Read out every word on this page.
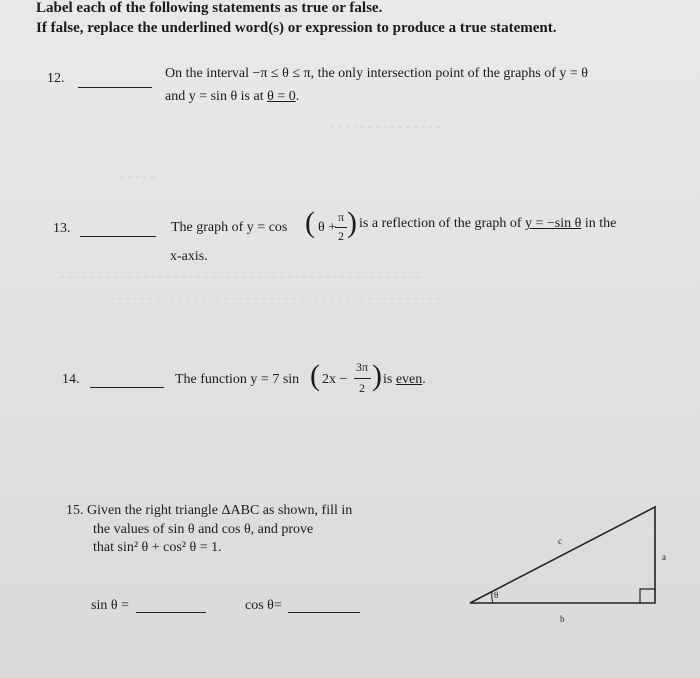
- - - - - - - - - - - - - - -
- - - - -
- - - - - - - - - - - - - - - - - - - - - - - - - - - - - - - - - - - - - - - - - - - - - - - -
- - - - - - - - - - - - - - - - - - - - - - - - - - - - - - - - - - - - - - - - - - - -
Label each of the following statements as true or false.
If false, replace the underlined word(s) or expression to produce a true statement.
12.	On the interval −π ≤ θ ≤ π, the only intersection point of the graphs of y = θ
and y = sin θ is at θ = 0.
13.	The graph of y = cos ( θ +
π
2 ) is a reflection of the graph of y = −sin θ in the
x-axis.
14.	The function y = 7 sin ( 2x −
3π
2 ) is even.
15. Given the right triangle ΔABC as shown, fill in
the values of sin θ and cos θ, and prove
that sin² θ + cos² θ = 1.
sin θ =	cos θ=
c
a
b
θ
